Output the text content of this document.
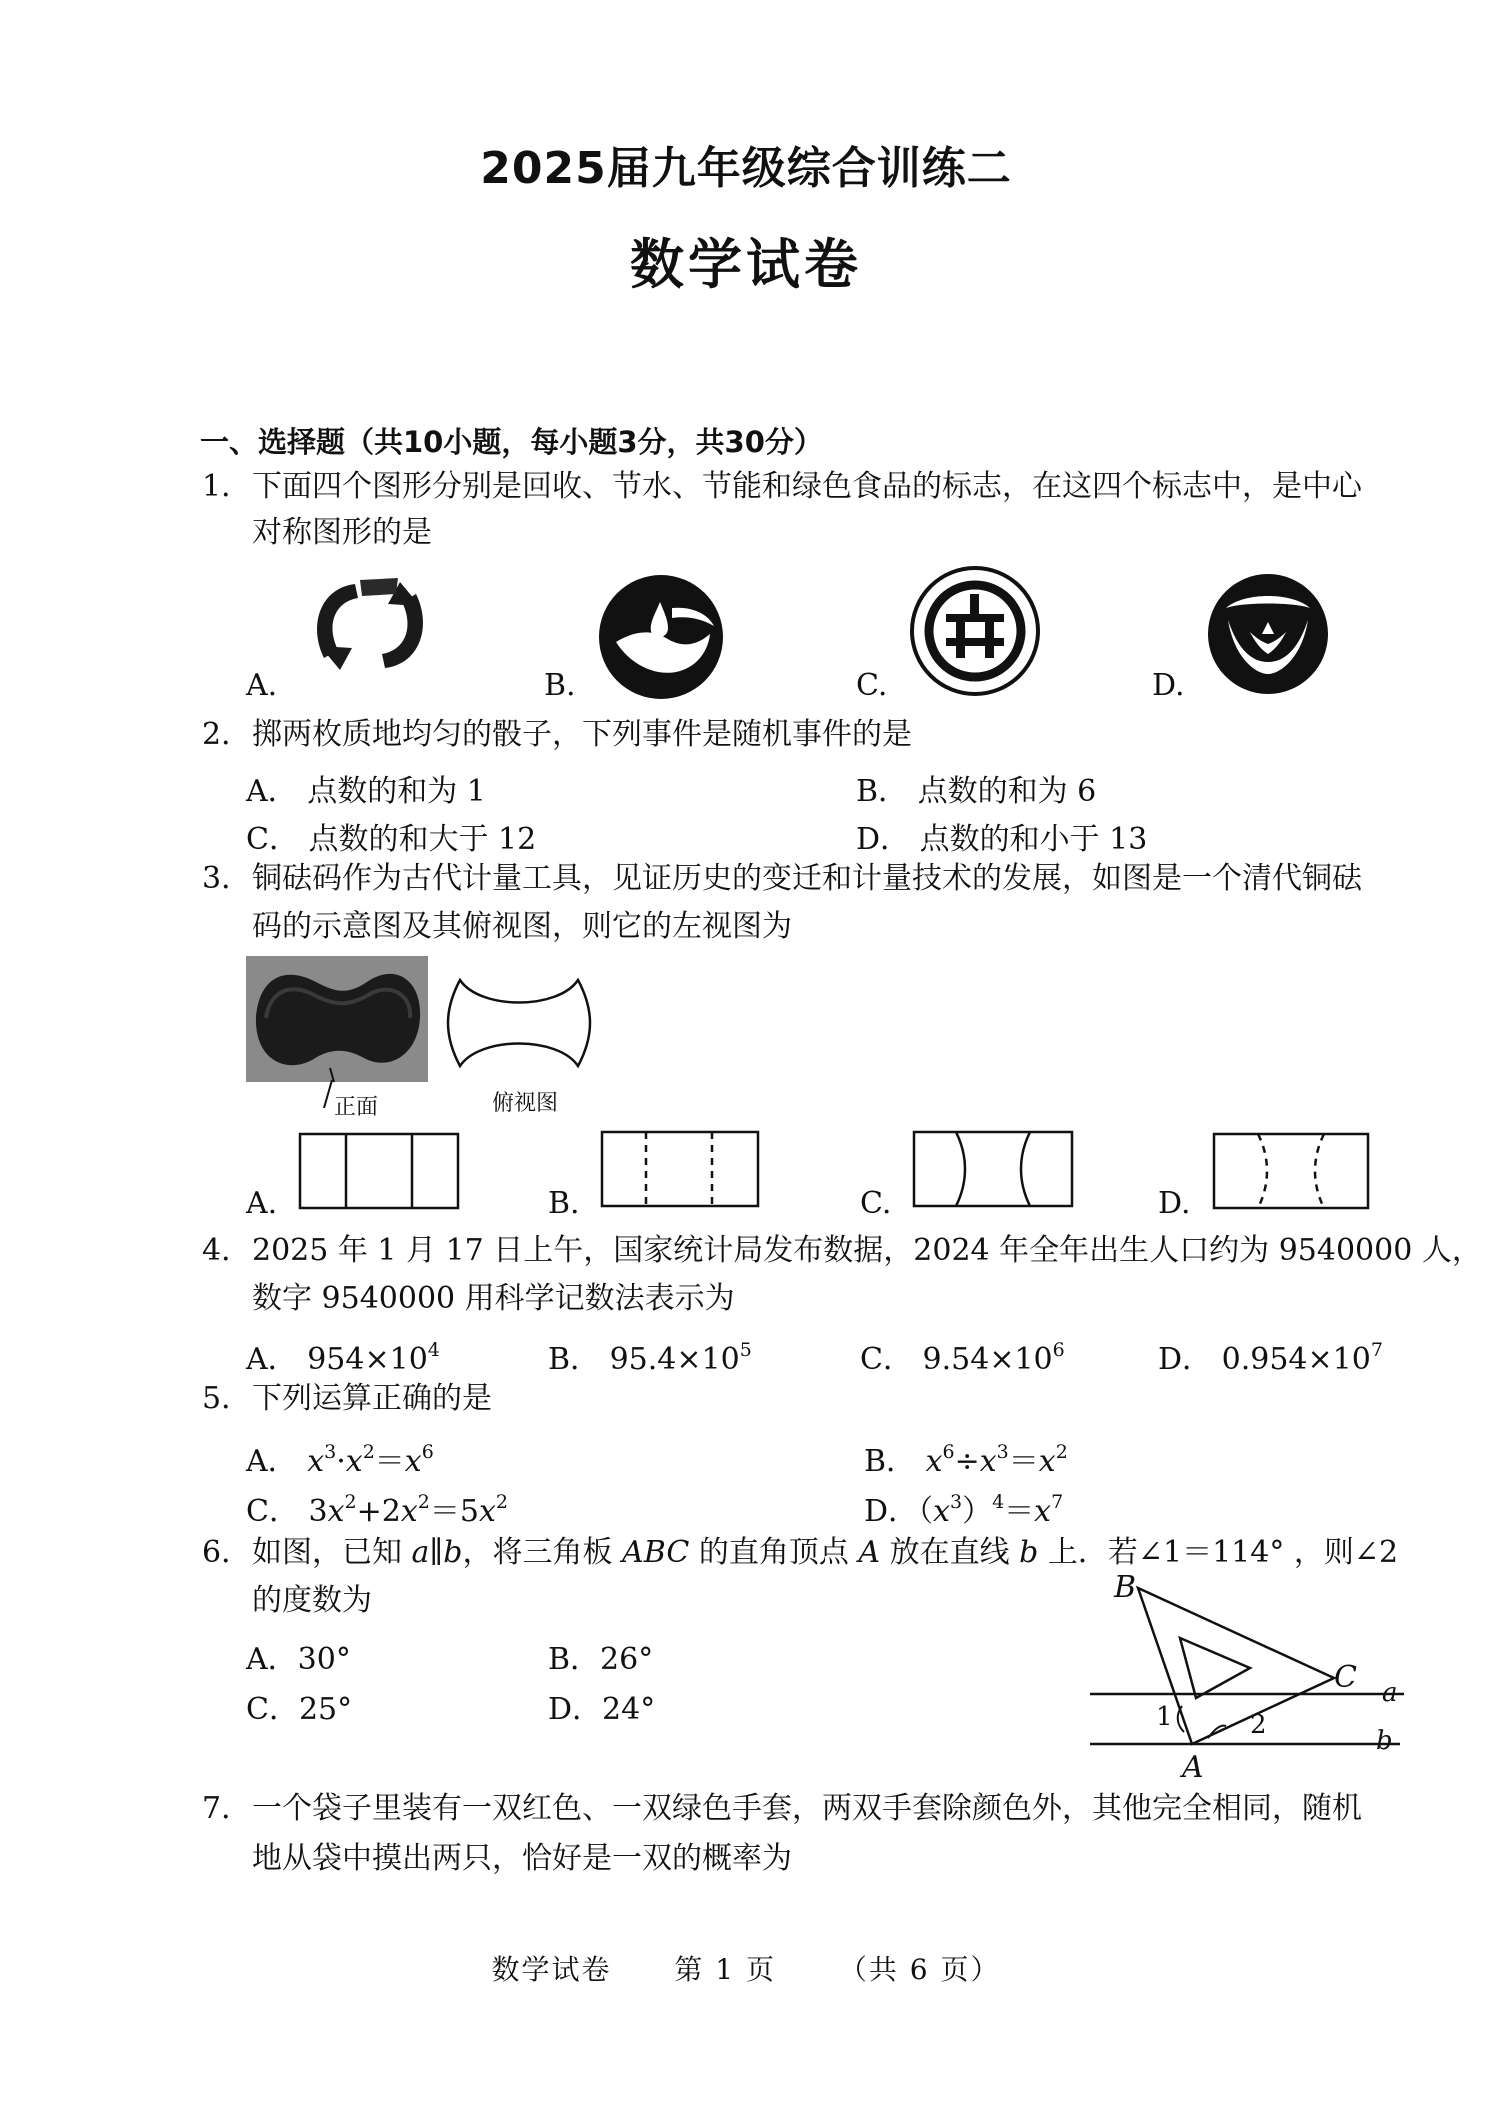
2025届九年级综合训练二
数学试卷
一、选择题（共10小题，每小题3分，共30分）
1． 下面四个图形分别是回收、节水、节能和绿色食品的标志，在这四个标志中，是中心
对称图形的是
A.	B.	C.	D.
2． 掷两枚质地均匀的骰子，下列事件是随机事件的是
A． 点数的和为 1	B． 点数的和为 6
C． 点数的和大于 12	D． 点数的和小于 13
3． 铜砝码作为古代计量工具，见证历史的变迁和计量技术的发展，如图是一个清代铜砝
码的示意图及其俯视图，则它的左视图为
正面	俯视图
A.	B.	C.	D.
4． 2025 年 1 月 17 日上午，国家统计局发布数据，2024 年全年出生人口约为 9540000 人，
数字 9540000 用科学记数法表示为
A． $954\times 10^4$	B． $95.4\times 10^5$	C． $9.54\times 10^6$	D． $0.954\times 10^7$
5． 下列运算正确的是
A． $x^3\cdot x^2=x^6$	B． $x^6\div x^3=x^2$
C． $3x^2+2x^2=5x^2$	D．$(x^3)^4=x^7$
6． 如图，已知 a∥b，将三角板 ABC 的直角顶点 A 放在直线 b 上．若∠1＝114° ，则∠2
的度数为
A．30°	B．26°
C．25°	D．24°
B
C a
b
A
1	2
7． 一个袋子里装有一双红色、一双绿色手套，两双手套除颜色外，其他完全相同，随机
地从袋中摸出两只，恰好是一双的概率为
数学试卷 第 1 页 （共 6 页）
